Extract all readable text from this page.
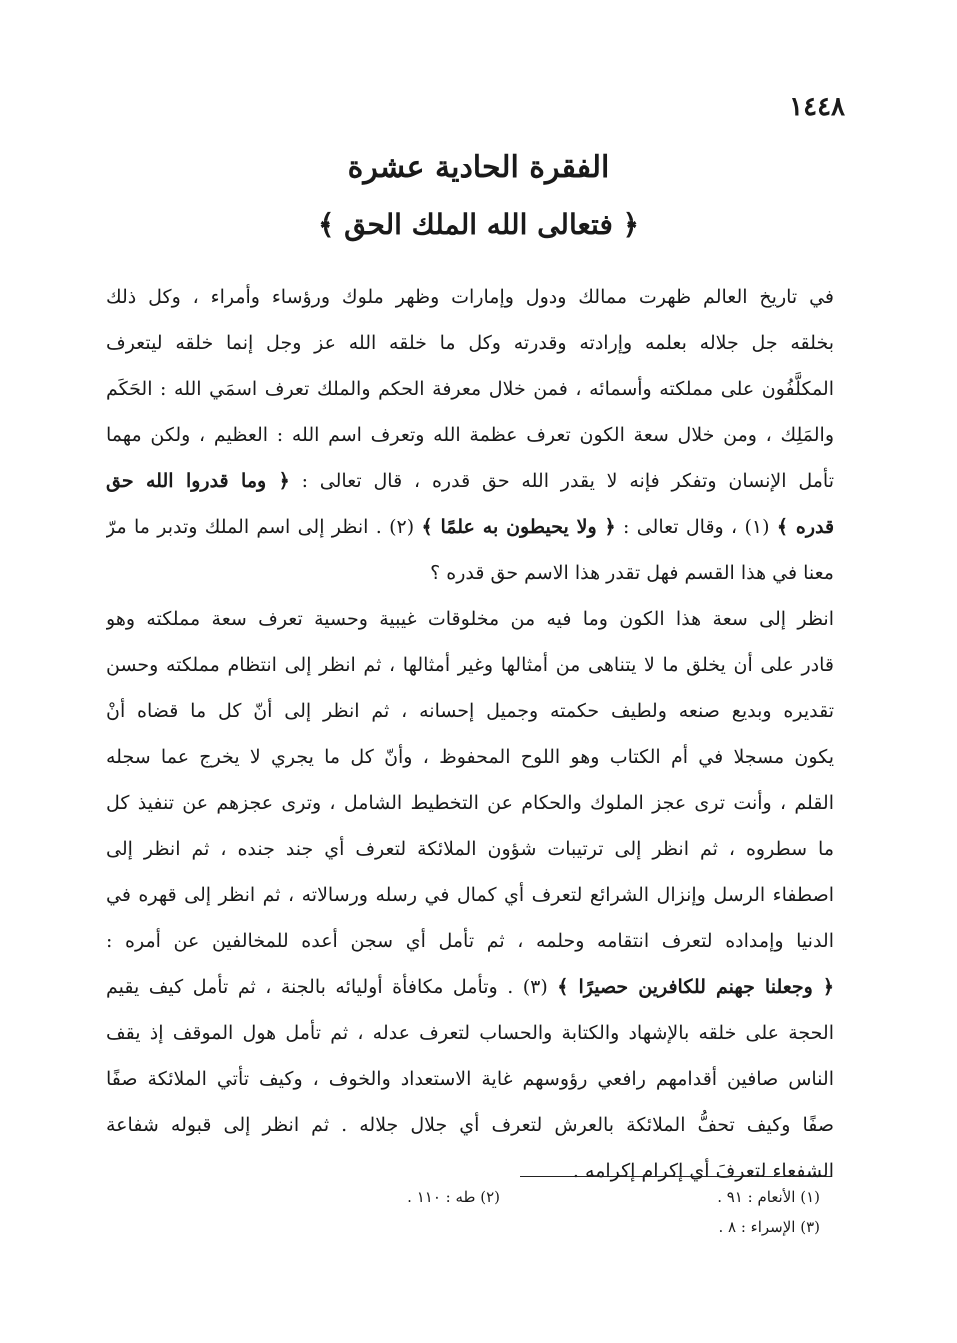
١٤٤٨
الفقرة الحادية عشرة
﴿ فتعالى الله الملك الحق ﴾
في تاريخ العالم ظهرت ممالك ودول وإمارات وظهر ملوك ورؤساء وأمراء ، وكل ذلك
بخلقه جل جلاله بعلمه وإرادته وقدرته وكل ما خلقه الله عز وجل إنما خلقه ليتعرف
المكلَّفُون على مملكته وأسمائه ، فمن خلال معرفة الحكم والملك تعرف اسمَي الله : الحَكَم
والمَلِك ، ومن خلال سعة الكون تعرف عظمة الله وتعرف اسم الله : العظيم ، ولكن مهما
تأمل الإنسان وتفكر فإنه لا يقدر الله حق قدره ، قال تعالى : ﴿ وما قدروا الله حق
قدره ﴾ (١) ، وقال تعالى : ﴿ ولا يحيطون به علمًا ﴾ (٢) . انظر إلى اسم الملك وتدبر ما مرّ
معنا في هذا القسم فهل تقدر هذا الاسم حق قدره ؟
انظر إلى سعة هذا الكون وما فيه من مخلوقات غيبية وحسية تعرف سعة مملكته وهو
قادر على أن يخلق ما لا يتناهى من أمثالها وغير أمثالها ، ثم انظر إلى انتظام مملكته وحسن
تقديره وبديع صنعه ولطيف حكمته وجميل إحسانه ، ثم انظر إلى أنّ كل ما قضاه أنْ
يكون مسجلا في أم الكتاب وهو اللوح المحفوظ ، وأنّ كل ما يجري لا يخرج عما سجله
القلم ، وأنت ترى عجز الملوك والحكام عن التخطيط الشامل ، وترى عجزهم عن تنفيذ كل
ما سطروه ، ثم انظر إلى ترتيبات شؤون الملائكة لتعرف أي جند جنده ، ثم انظر إلى
اصطفاء الرسل وإنزال الشرائع لتعرف أي كمال في رسله ورسالاته ، ثم انظر إلى قهره في
الدنيا وإمداده لتعرف انتقامه وحلمه ، ثم تأمل أي سجن أعده للمخالفين عن أمره :
﴿ وجعلنا جهنم للكافرين حصيرًا ﴾ (٣) . وتأمل مكافأة أوليائه بالجنة ، ثم تأمل كيف يقيم
الحجة على خلقه بالإشهاد والكتابة والحساب لتعرف عدله ، ثم تأمل هول الموقف إذ يقف
الناس صافين أقدامهم رافعي رؤوسهم غاية الاستعداد والخوف ، وكيف تأتي الملائكة صفًا
صفًا وكيف تحفُّ الملائكة بالعرش لتعرف أي جلال جلاله . ثم انظر إلى قبوله شفاعة
الشفعاء لتعرفَ أي إكرام إكرامه .
(١) الأنعام : ٩١ .
(٢) طه : ١١٠ .
(٣) الإسراء : ٨ .
